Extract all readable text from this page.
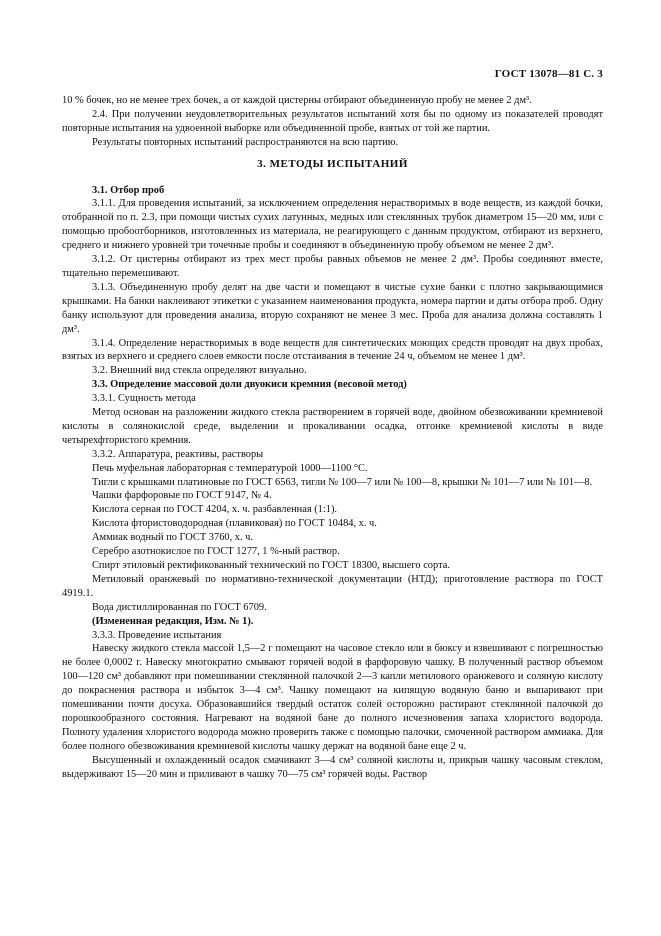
ГОСТ 13078—81 С. 3

10 % бочек, но не менее трех бочек, а от каждой цистерны отбирают объединенную пробу не менее 2 дм³.

2.4. При получении неудовлетворительных результатов испытаний хотя бы по одному из показателей проводят повторные испытания на удвоенной выборке или объединенной пробе, взятых от той же партии.

Результаты повторных испытаний распространяются на всю партию.

3. МЕТОДЫ ИСПЫТАНИЙ

3.1. Отбор проб

3.1.1. Для проведения испытаний, за исключением определения нерастворимых в воде веществ, из каждой бочки, отобранной по п. 2.3, при помощи чистых сухих латунных, медных или стеклянных трубок диаметром 15—20 мм, или с помощью пробоотборников, изготовленных из материала, не реагирующего с данным продуктом, отбирают из верхнего, среднего и нижнего уровней три точечные пробы и соединяют в объединенную пробу объемом не менее 2 дм³.

3.1.2. От цистерны отбирают из трех мест пробы равных объемов не менее 2 дм³. Пробы соединяют вместе, тщательно перемешивают.

3.1.3. Объединенную пробу делят на две части и помещают в чистые сухие банки с плотно закрывающимися крышками. На банки наклеивают этикетки с указанием наименования продукта, номера партии и даты отбора проб. Одну банку используют для проведения анализа, вторую сохраняют не менее 3 мес. Проба для анализа должна составлять 1 дм³.

3.1.4. Определение нерастворимых в воде веществ для синтетических моющих средств проводят на двух пробах, взятых из верхнего и среднего слоев емкости после отстаивания в течение 24 ч, объемом не менее 1 дм³.

3.2. Внешний вид стекла определяют визуально.

3.3. Определение массовой доли двуокиси кремния (весовой метод)

3.3.1. Сущность метода

Метод основан на разложении жидкого стекла растворением в горячей воде, двойном обезвоживании кремниевой кислоты в солянокислой среде, выделении и прокаливании осадка, отгонке кремниевой кислоты в виде четырехфтористого кремния.

3.3.2. Аппаратура, реактивы, растворы

Печь муфельная лабораторная с температурой 1000—1100 °С.

Тигли с крышками платиновые по ГОСТ 6563, тигли № 100—7 или № 100—8, крышки № 101—7 или № 101—8.

Чашки фарфоровые по ГОСТ 9147, № 4.

Кислота серная по ГОСТ 4204, х. ч. разбавленная (1:1).

Кислота фтористоводородная (плавиковая) по ГОСТ 10484, х. ч.

Аммиак водный по ГОСТ 3760, х. ч.

Серебро азотнокислое по ГОСТ 1277, 1 %-ный раствор.

Спирт этиловый ректификованный технический по ГОСТ 18300, высшего сорта.

Метиловый оранжевый по нормативно-технической документации (НТД); приготовление раствора по ГОСТ 4919.1.

Вода дистиллированная по ГОСТ 6709.

(Измененная редакция, Изм. № 1).

3.3.3. Проведение испытания

Навеску жидкого стекла массой 1,5—2 г помещают на часовое стекло или в бюксу и взвешивают с погрешностью не более 0,0002 г. Навеску многократно смывают горячей водой в фарфоровую чашку. В полученный раствор объемом 100—120 см³ добавляют при помешивании стеклянной палочкой 2—3 капли метилового оранжевого и соляную кислоту до покраснения раствора и избыток 3—4 см³. Чашку помещают на кипящую водяную баню и выпаривают при помешивании почти досуха. Образовавшийся твердый остаток солей осторожно растирают стеклянной палочкой до порошкообразного состояния. Нагревают на водяной бане до полного исчезновения запаха хлористого водорода. Полноту удаления хлористого водорода можно проверить также с помощью палочки, смоченной раствором аммиака. Для более полного обезвоживания кремниевой кислоты чашку держат на водяной бане еще 2 ч.

Высушенный и охлажденный осадок смачивают 3—4 см³ соляной кислоты и, прикрыв чашку часовым стеклом, выдерживают 15—20 мин и приливают в чашку 70—75 см³ горячей воды. Раствор
